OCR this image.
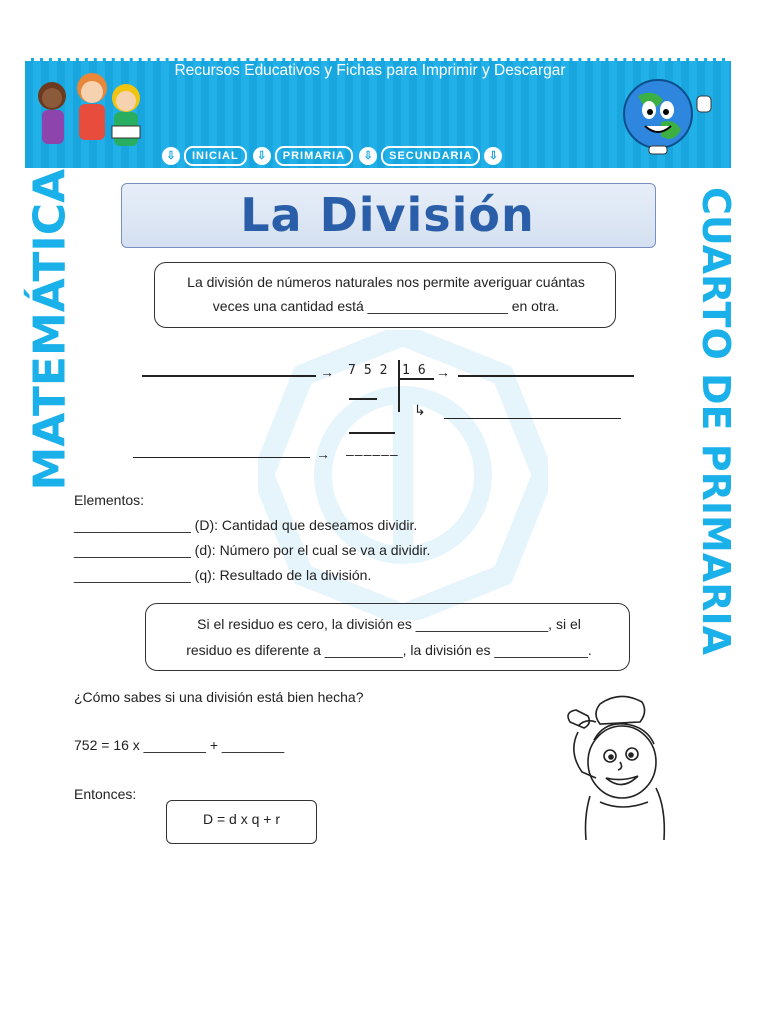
FICHAS PARA IMPRIMIR
Recursos Educativos y Fichas para Imprimir y Descargar
⇩	INICIAL	⇩	PRIMARIA	⇩	SECUNDARIA	⇩
La División
MATEMÁTICA	CUARTO DE PRIMARIA
La división de números naturales nos permite averiguar cuántas
veces una cantidad está __________________ en otra.
→ 752 16 →
↳
→ ––––––
Elementos:
_______________ (D): Cantidad que deseamos dividir.
_______________ (d): Número por el cual se va a dividir.
_______________ (q): Resultado de la división.
Si el residuo es cero, la división es _________________, si el
residuo es diferente a __________, la división es ____________.
¿Cómo sabes si una división está bien hecha?
752 = 16 x ________ + ________
Entonces:
D = d x q + r
